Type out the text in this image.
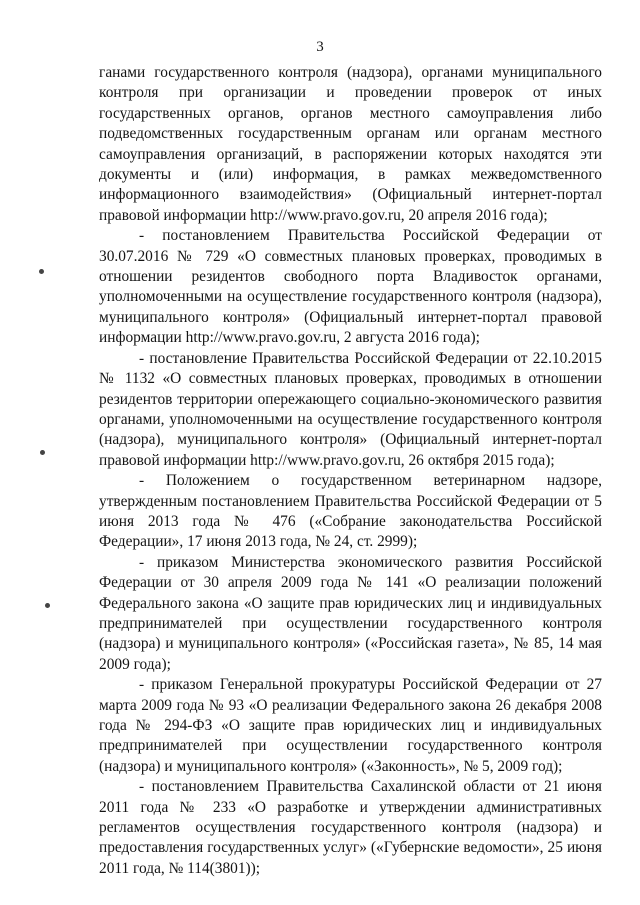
3

ганами государственного контроля (надзора), органами муниципального контроля при организации и проведении проверок от иных государственных органов, органов местного самоуправления либо подведомственных государственным органам или органам местного самоуправления организаций, в распоряжении которых находятся эти документы и (или) информация, в рамках межведомственного информационного взаимодействия» (Официальный интернет-портал правовой информации http://www.pravo.gov.ru, 20 апреля 2016 года);

- постановлением Правительства Российской Федерации от 30.07.2016 № 729 «О совместных плановых проверках, проводимых в отношении резидентов свободного порта Владивосток органами, уполномоченными на осуществление государственного контроля (надзора), муниципального контроля» (Официальный интернет-портал правовой информации http://www.pravo.gov.ru, 2 августа 2016 года);

- постановление Правительства Российской Федерации от 22.10.2015 № 1132 «О совместных плановых проверках, проводимых в отношении резидентов территории опережающего социально-экономического развития органами, уполномоченными на осуществление государственного контроля (надзора), муниципального контроля» (Официальный интернет-портал правовой информации http://www.pravo.gov.ru, 26 октября 2015 года);

- Положением о государственном ветеринарном надзоре, утвержденным постановлением Правительства Российской Федерации от 5 июня 2013 года № 476 («Собрание законодательства Российской Федерации», 17 июня 2013 года, № 24, ст. 2999);

- приказом Министерства экономического развития Российской Федерации от 30 апреля 2009 года № 141 «О реализации положений Федерального закона «О защите прав юридических лиц и индивидуальных предпринимателей при осуществлении государственного контроля (надзора) и муниципального контроля» («Российская газета», № 85, 14 мая 2009 года);

- приказом Генеральной прокуратуры Российской Федерации от 27 марта 2009 года № 93 «О реализации Федерального закона 26 декабря 2008 года № 294-ФЗ «О защите прав юридических лиц и индивидуальных предпринимателей при осуществлении государственного контроля (надзора) и муниципального контроля» («Законность», № 5, 2009 год);

- постановлением Правительства Сахалинской области от 21 июня 2011 года № 233 «О разработке и утверждении административных регламентов осуществления государственного контроля (надзора) и предоставления государственных услуг» («Губернские ведомости», 25 июня 2011 года, № 114(3801));
